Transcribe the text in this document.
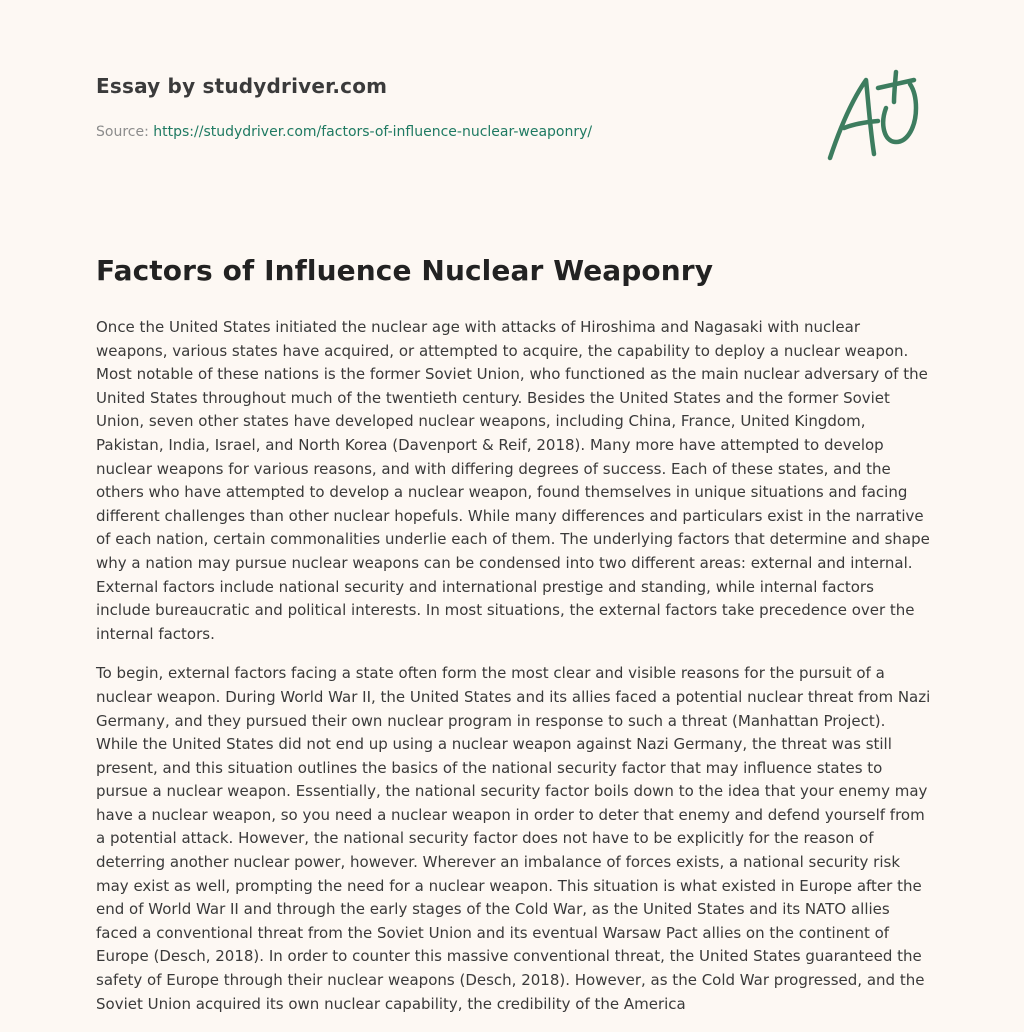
Essay by studydriver.com
Source: https://studydriver.com/factors-of-influence-nuclear-weaponry/
Factors of Influence Nuclear Weaponry

Once the United States initiated the nuclear age with attacks of Hiroshima and Nagasaki with nuclear weapons, various states have acquired, or attempted to acquire, the capability to deploy a nuclear weapon. Most notable of these nations is the former Soviet Union, who functioned as the main nuclear adversary of the United States throughout much of the twentieth century. Besides the United States and the former Soviet Union, seven other states have developed nuclear weapons, including China, France, United Kingdom, Pakistan, India, Israel, and North Korea (Davenport & Reif, 2018). Many more have attempted to develop nuclear weapons for various reasons, and with differing degrees of success. Each of these states, and the others who have attempted to develop a nuclear weapon, found themselves in unique situations and facing different challenges than other nuclear hopefuls. While many differences and particulars exist in the narrative of each nation, certain commonalities underlie each of them. The underlying factors that determine and shape why a nation may pursue nuclear weapons can be condensed into two different areas: external and internal. External factors include national security and international prestige and standing, while internal factors include bureaucratic and political interests. In most situations, the external factors take precedence over the internal factors.

To begin, external factors facing a state often form the most clear and visible reasons for the pursuit of a nuclear weapon. During World War II, the United States and its allies faced a potential nuclear threat from Nazi Germany, and they pursued their own nuclear program in response to such a threat (Manhattan Project). While the United States did not end up using a nuclear weapon against Nazi Germany, the threat was still present, and this situation outlines the basics of the national security factor that may influence states to pursue a nuclear weapon. Essentially, the national security factor boils down to the idea that your enemy may have a nuclear weapon, so you need a nuclear weapon in order to deter that enemy and defend yourself from a potential attack. However, the national security factor does not have to be explicitly for the reason of deterring another nuclear power, however. Wherever an imbalance of forces exists, a national security risk may exist as well, prompting the need for a nuclear weapon. This situation is what existed in Europe after the end of World War II and through the early stages of the Cold War, as the United States and its NATO allies faced a conventional threat from the Soviet Union and its eventual Warsaw Pact allies on the continent of Europe (Desch, 2018). In order to counter this massive conventional threat, the United States guaranteed the safety of Europe through their nuclear weapons (Desch, 2018). However, as the Cold War progressed, and the Soviet Union acquired its own nuclear capability, the credibility of the America
